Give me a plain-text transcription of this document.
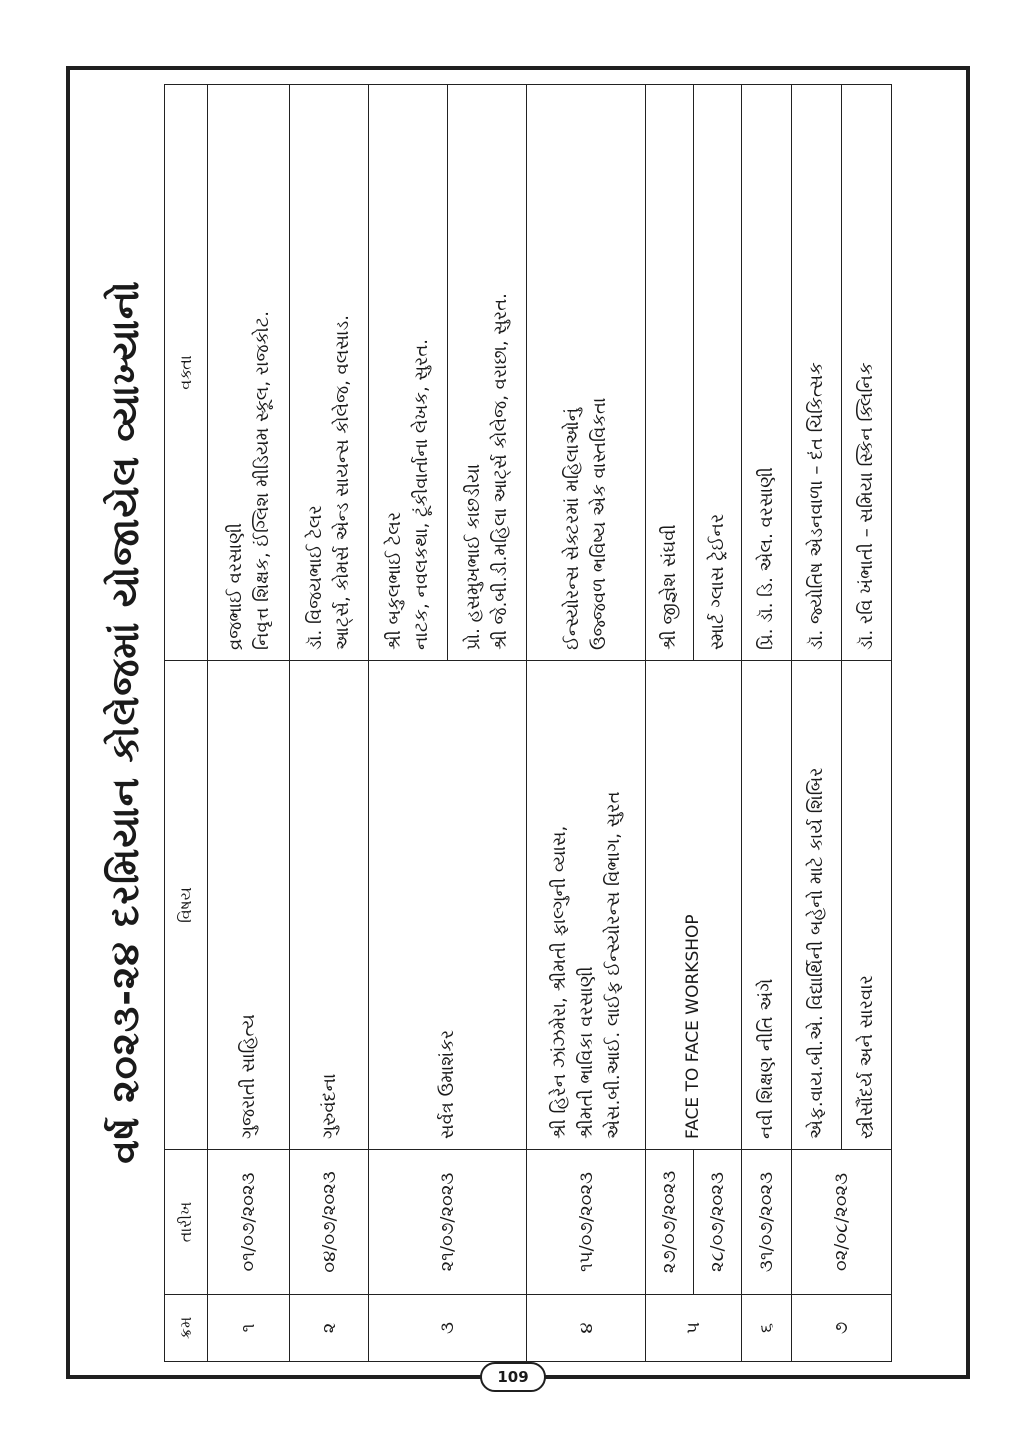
વર્ષ ૨૦૨૩-૨૪ દરમિયાન કોલેજમાં યોજાયેલ વ્યાખ્યાનો
ક્રમ	તારીખ	વિષય	વક્તા
૧	૦૧/૦૭/૨૦૨૩	ગુજરાતી સાહિત્ય	વ્રજભાઈ વરસાણી નિવૃત્ત શિક્ષક, ઈંગ્લિશ મીડિયમ સ્કૂલ, રાજકોટ.

૨	૦૪/૦૭/૨૦૨૩	ગુરુવંદના	ડૉ. વિજયભાઈ ટેલર આર્ટ્સ, કોમર્સ એન્ડ સાયન્સ કોલેજ, વલસાડ.

૩	૨૧/૦૭/૨૦૨૩	સર્વત્ર ઉમાશંકર	શ્રી બકુલભાઈ ટેલર નાટક, નવલકથા, ટૂંકીવાર્તાના લેખક, સુરત.

			પ્રો. હસમુખભાઈ કાછડીયા શ્રી જે.બી.ડી.મહિલા આર્ટ્સ કોલેજ, વરાછા, સુરત.

૪	૧૫/૦૭/૨૦૨૩	શ્રી હિરેન ઝાંઝમેરા, શ્રીમતી ફાલ્ગુની વ્યાસ, શ્રીમતી ભાવિકા વરસાણી એસ.બી.આઈ. લાઈફ ઈન્સ્યોરન્સ વિભાગ, સુરત	ઈન્સ્યોરન્સ સેક્ટરમાં મહિલાઓનું ઉજ્જવળ ભવિષ્ય એક વાસ્તવિકતા

૫	૨૭/૦૭/૨૦૨૩	FACE TO FACE WORKSHOP	શ્રી જીજ્ઞેશ સંઘવી

	૨૮/૦૭/૨૦૨૩		સ્માર્ટ ગ્લાસ ટ્રેઈનર

૬	૩૧/૦૭/૨૦૨૩	નવી શિક્ષણ નીતિ અંગે	પ્રિ. ડૉ. ડિ. એલ. વરસાણી

૭	૦૨/૦૮/૨૦૨૩	એફ.વાય.બી.એ. વિદ્યાર્થિની બહેનો માટે કાર્ય શિબિર	ડૉ. જ્યોતિષ એડનવાળા – દંત ચિકિત્સક

		સ્ત્રીસૌંદર્ય અને સારવાર	ડૉ. રવિ ખંભાતી – સમિયા સ્કિન ક્લિનિક
109
